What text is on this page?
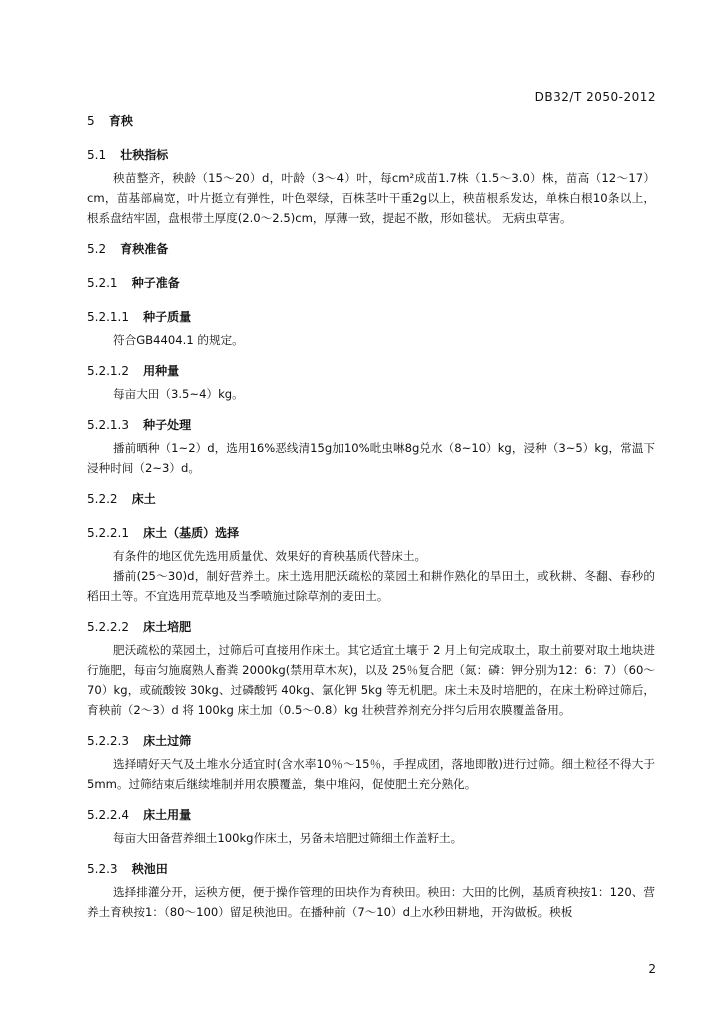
DB32/T 2050-2012
5 育秧
5.1 壮秧指标

秧苗整齐，秧龄（15～20）d，叶龄（3～4）叶，每cm²成苗1.7株（1.5～3.0）株，苗高（12～17）cm，苗基部扁宽，叶片挺立有弹性，叶色翠绿，百株茎叶干重2g以上，秧苗根系发达，单株白根10条以上，根系盘结牢固，盘根带土厚度(2.0～2.5)cm，厚薄一致，提起不散，形如毯状。 无病虫草害。

5.2 育秧准备
5.2.1 种子准备
5.2.1.1 种子质量

符合GB4404.1 的规定。

5.2.1.2 用种量

每亩大田（3.5~4）kg。

5.2.1.3 种子处理

播前晒种（1~2）d，选用16%恶线清15g加10%吡虫啉8g兑水（8~10）kg，浸种（3~5）kg，常温下浸种时间（2~3）d。

5.2.2 床土
5.2.2.1 床土（基质）选择

有条件的地区优先选用质量优、效果好的育秧基质代替床土。

播前(25～30)d，制好营养土。床土选用肥沃疏松的菜园土和耕作熟化的旱田土，或秋耕、冬翻、春秒的稻田土等。不宜选用荒草地及当季喷施过除草剂的麦田土。

5.2.2.2 床土培肥

肥沃疏松的菜园土，过筛后可直接用作床土。其它适宜土壤于 2 月上旬完成取土，取土前要对取土地块进行施肥，每亩匀施腐熟人畜粪 2000kg(禁用草木灰)，以及 25％复合肥（氮：磷：钾分别为12：6：7）（60～70）kg，或硫酸铵 30kg、过磷酸钙 40kg、氯化钾 5kg 等无机肥。床土未及时培肥的，在床土粉碎过筛后，育秧前（2～3）d 将 100kg 床土加（0.5～0.8）kg 壮秧营养剂充分拌匀后用农膜覆盖备用。

5.2.2.3 床土过筛

选择晴好天气及土堆水分适宜时(含水率10％～15％，手捏成团，落地即散)进行过筛。细土粒径不得大于5mm。过筛结束后继续堆制并用农膜覆盖，集中堆闷，促使肥土充分熟化。

5.2.2.4 床土用量

每亩大田备营养细土100kg作床土，另备未培肥过筛细土作盖籽土。

5.2.3 秧池田

选择排灌分开，运秧方便，便于操作管理的田块作为育秧田。秧田：大田的比例，基质育秧按1：120、营养土育秧按1：（80～100）留足秧池田。在播种前（7～10）d上水秒田耕地，开沟做板。秧板

2
